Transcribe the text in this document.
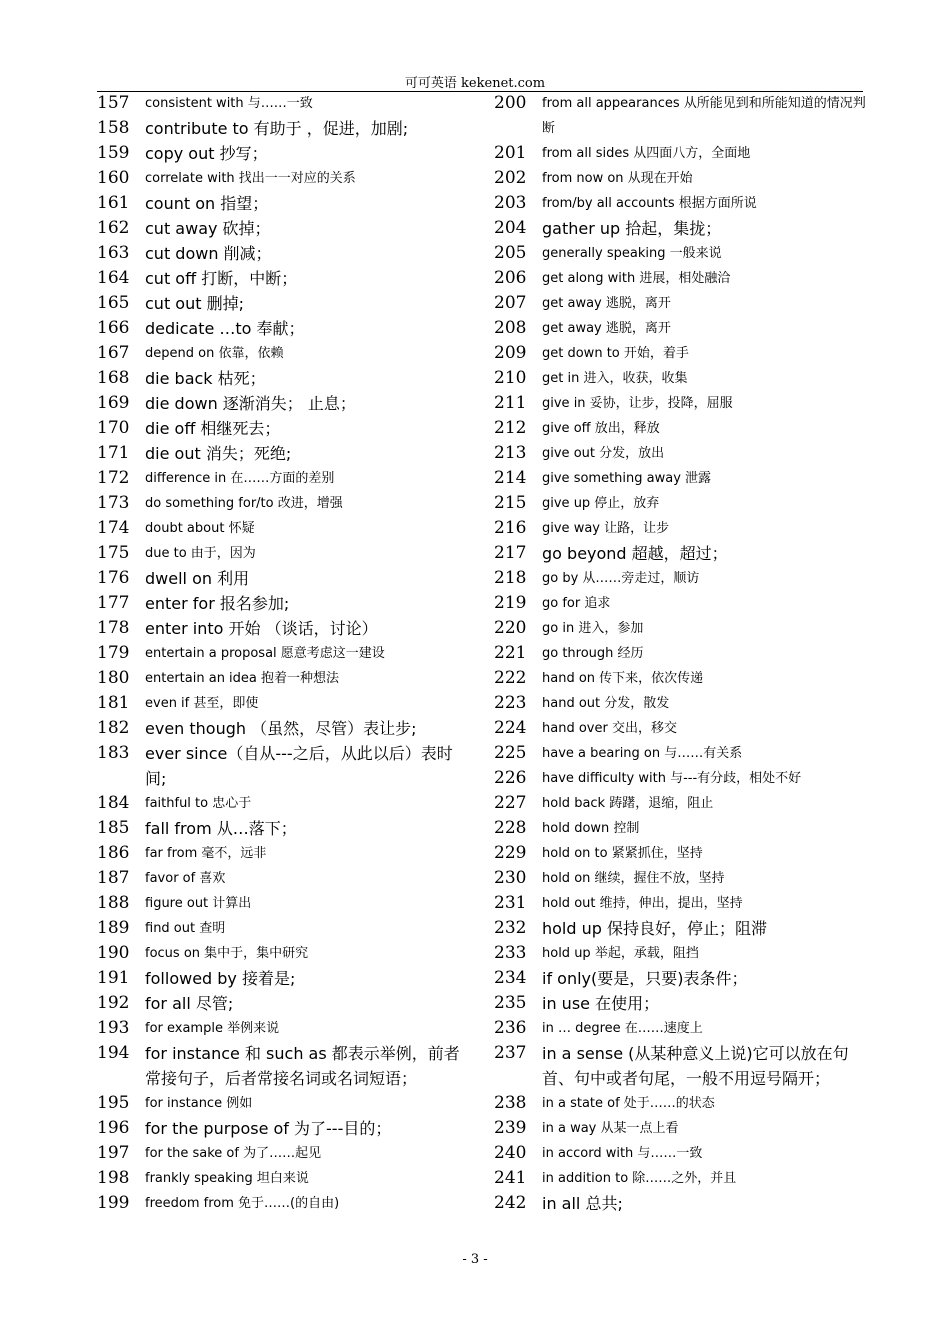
可可英语 kekenet.com
157	consistent with 与……一致
158 contribute to 有助于 ，促进，加剧;
159 copy out 抄写；
160	correlate with 找出一一对应的关系
161 count on 指望；
162 cut away 砍掉；
163 cut down 削减；
164 cut off 打断，中断；
165 cut out 删掉;
166 dedicate …to 奉献；
167	depend on 依靠，依赖
168 die back 枯死；
169 die down 逐渐消失； 止息；
170 die off 相继死去；
171 die out 消失；死绝;
172	difference in 在……方面的差别
173	do something for/to 改进，增强
174	doubt about 怀疑
175	due to 由于，因为
176 dwell on 利用
177 enter for 报名参加;
178 enter into 开始 （谈话，讨论）
179	entertain a proposal 愿意考虑这一建设
180	entertain an idea 抱着一种想法
181	even if 甚至，即使
182 even though （虽然，尽管）表让步;
183 ever since（自从---之后，从此以后）表时间;
184	faithful to 忠心于
185 fall from 从…落下；
186	far from 毫不，远非
187	favor of 喜欢
188	figure out 计算出
189	find out 查明
190	focus on 集中于，集中研究
191 followed by 接着是;
192 for all 尽管;
193	for example 举例来说
194 for instance 和 such as 都表示举例，前者常接句子，后者常接名词或名词短语；
195	for instance 例如
196 for the purpose of 为了---目的；
197	for the sake of 为了……起见
198	frankly speaking 坦白来说
199	freedom from 免于……(的自由)
200	from all appearances 从所能见到和所能知道的情况判断
201	from all sides 从四面八方，全面地
202	from now on 从现在开始
203	from/by all accounts 根据方面所说
204 gather up 拾起，集拢；
205	generally speaking 一般来说
206	get along with 进展，相处融洽
207	get away 逃脱，离开
208	get away 逃脱，离开
209	get down to 开始，着手
210	get in 进入，收获，收集
211	give in 妥协，让步，投降，屈服
212	give off 放出，释放
213	give out 分发，放出
214	give something away 泄露
215	give up 停止，放弃
216	give way 让路，让步
217 go beyond 超越，超过；
218	go by 从……旁走过，顺访
219	go for 追求
220	go in 进入，参加
221	go through 经历
222	hand on 传下来，依次传递
223	hand out 分发，散发
224	hand over 交出，移交
225	have a bearing on 与……有关系
226	have difficulty with 与---有分歧，相处不好
227	hold back 踌躇，退缩，阻止
228	hold down 控制
229	hold on to 紧紧抓住，坚持
230	hold on 继续，握住不放，坚持
231	hold out 维持，伸出，提出，坚持
232 hold up 保持良好，停止；阻滞
233	hold up 举起，承载，阻挡
234 if only(要是，只要)表条件；
235 in use 在使用；
236	in … degree 在……速度上
237 in a sense (从某种意义上说)它可以放在句首、句中或者句尾，一般不用逗号隔开；
238	in a state of 处于……的状态
239	in a way 从某一点上看
240	in accord with 与……一致
241	in addition to 除……之外，并且
242 in all 总共;
- 3 -
